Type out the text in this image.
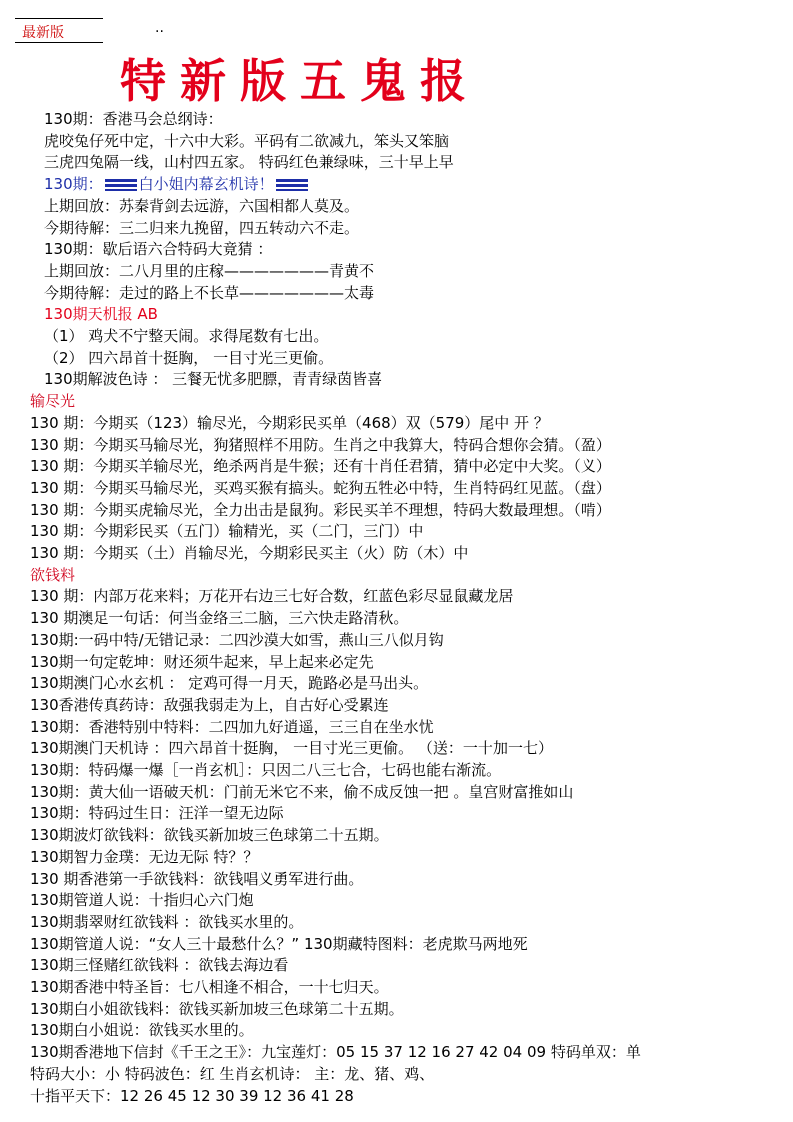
最新版	..
特新版五鬼报
130期：香港马会总纲诗：
虎咬兔仔死中定，十六中大彩。平码有二欲减九，笨头又笨脑
三虎四兔隔一线，山村四五家。 特码红色兼绿味，三十早上早
130期： 白小姐内幕玄机诗！
上期回放：苏秦背剑去远游，六国相都人莫及。
今期待解：三二归来九挽留，四五转动六不走。
130期：歇后语六合特码大竟猜 ：
上期回放：二八月里的庄稼———————青黄不
今期待解：走过的路上不长草———————太毒
130期天机报 AB
（1） 鸡犬不宁整天闹。求得尾数有七出。
（2） 四六昂首十挺胸， 一目寸光三更偷。
130期解波色诗 ： 三餐无忧多肥膘，青青绿茵皆喜
输尽光
130 期：今期买（123）输尽光，今期彩民买单（468）双（579）尾中 开 ？
130 期：今期买马输尽光，狗猪照样不用防。生肖之中我算大，特码合想你会猜。（盈）
130 期：今期买羊输尽光，绝杀两肖是牛猴；还有十肖任君猜，猜中必定中大奖。（义）
130 期：今期买马输尽光，买鸡买猴有搞头。蛇狗五牲必中特，生肖特码红见蓝。（盘）
130 期：今期买虎输尽光，全力出击是鼠狗。彩民买羊不理想，特码大数最理想。（啃）
130 期：今期彩民买（五门）输精光，买（二门，三门）中
130 期：今期买（土）肖输尽光，今期彩民买主（火）防（木）中
欲钱料
130 期：内部万花来料；万花开右边三七好合数，红蓝色彩尽显鼠藏龙居
130 期澳足一句话：何当金络三二脑，三六快走路清秋。
130期:一码中特/无错记录：二四沙漠大如雪，燕山三八似月钩
130期一句定乾坤：财还须牛起来，早上起来必定先
130期澳门心水玄机 ： 定鸡可得一月天，跪路必是马出头。
130香港传真药诗：敌强我弱走为上，自古好心受累连
130期：香港特别中特料：二四加九好逍遥，三三自在坐水忧
130期澳门天机诗 ：四六昂首十挺胸， 一目寸光三更偷。 （送：一十加一七）
130期：特码爆一爆［一肖玄机］：只因二八三七合，七码也能右渐流。
130期：黄大仙一语破天机：门前无米它不来，偷不成反蚀一把 。皇宫财富推如山
130期：特码过生日：汪洋一望无边际
130期波灯欲钱料：欲钱买新加坡三色球第二十五期。
130期智力金璞：无边无际 特？？
130 期香港第一手欲钱料：欲钱唱义勇军进行曲。
130期管道人说：十指归心六门炮
130期翡翠财红欲钱料 ：欲钱买水里的。
130期管道人说：“女人三十最愁什么？” 130期藏特图料：老虎欺马两地死
130期三怪赌红欲钱料 ：欲钱去海边看
130期香港中特圣旨：七八相逢不相合，一十七归天。
130期白小姐欲钱料：欲钱买新加坡三色球第二十五期。
130期白小姐说：欲钱买水里的。
130期香港地下信封《千王之王》：九宝莲灯：05 15 37 12 16 27 42 04 09 特码单双：单
特码大小：小 特码波色：红 生肖玄机诗： 主：龙、猪、鸡、
十指平天下：12 26 45 12 30 39 12 36 41 28
